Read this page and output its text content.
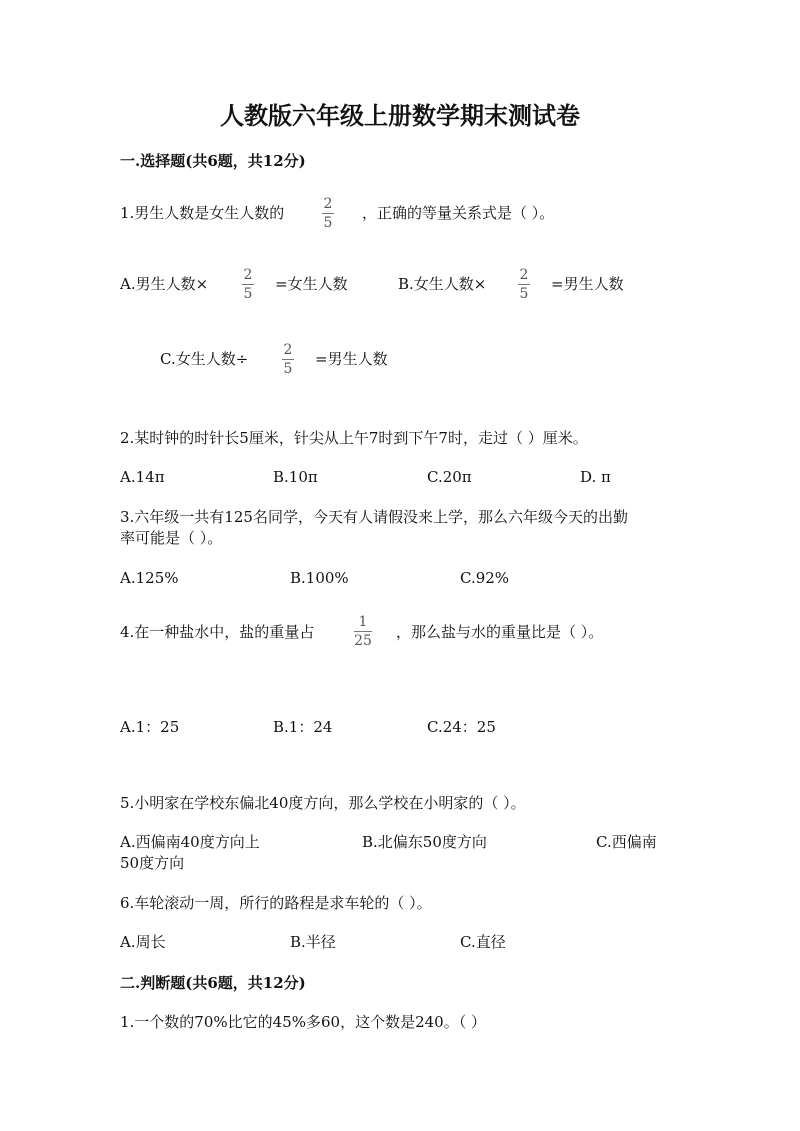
人教版六年级上册数学期末测试卷
一.选择题(共6题，共12分)
1.男生人数是女生人数的	2
5
，正确的等量关系式是（ ）。
A.男生人数×	2
5
=女生人数	B.女生人数× 2
5
=男生人数
C.女生人数÷	2
5
=男生人数
2.某时钟的时针长5厘米，针尖从上午7时到下午7时，走过（ ）厘米。
A.14π	B.10π	C.20π	D. π
3.六年级一共有125名同学，今天有人请假没来上学，那么六年级今天的出勤
率可能是（ ）。
A.125%	B.100%	C.92%
4.在一种盐水中，盐的重量占
1
25 ，那么盐与水的重量比是（ ）。
A.1：25	B.1：24	C.24：25
5.小明家在学校东偏北40度方向，那么学校在小明家的（ ）。
A.西偏南40度方向上	B.北偏东50度方向	C.西偏南
50度方向
6.车轮滚动一周，所行的路程是求车轮的（ ）。
A.周长	B.半径	C.直径
二.判断题(共6题，共12分)
1.一个数的70%比它的45%多60，这个数是240。（ ）
